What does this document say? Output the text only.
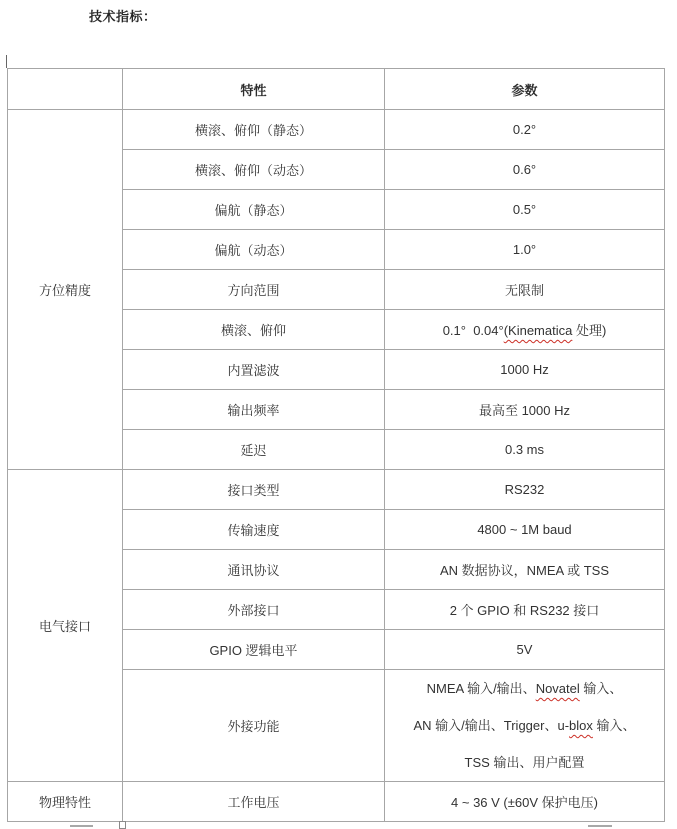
技术指标：
	特性	参数
方位精度	横滚、俯仰（静态）	0.2°
	横滚、俯仰（动态）	0.6°
	偏航（静态）	0.5°
	偏航（动态）	1.0°
	方向范围	无限制
	横滚、俯仰	0.1°  0.04°(Kinematica 处理)
	内置滤波	1000 Hz
	输出频率	最高至 1000 Hz
	延迟	0.3 ms
电气接口	接口类型	RS232
	传输速度	4800 ~ 1M baud
	通讯协议	AN 数据协议，NMEA 或 TSS
	外部接口	2 个 GPIO 和 RS232 接口
	GPIO 逻辑电平	5V
	外接功能	NMEA 输入/输出、Novatel 输入、
AN 输入/输出、Trigger、u-blox 输入、
TSS 输出、用户配置

物理特性	工作电压	4 ~ 36 V (±60V 保护电压)
